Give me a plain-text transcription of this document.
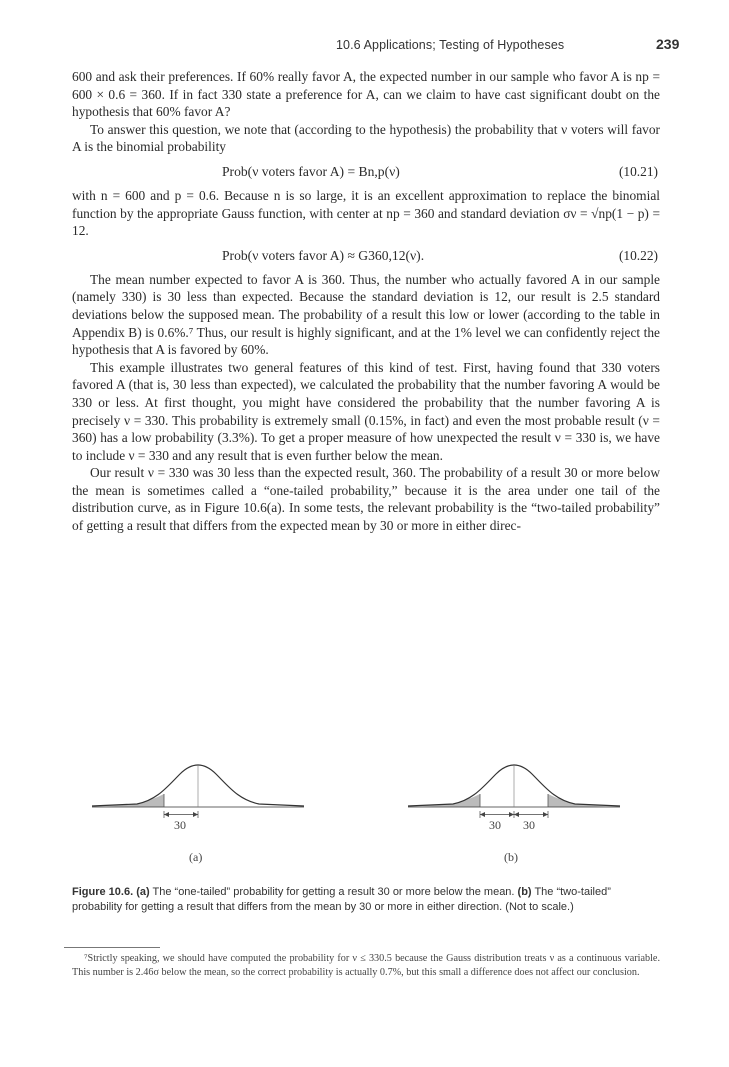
10.6 Applications; Testing of Hypotheses	239

600 and ask their preferences. If 60% really favor A, the expected number in our sample who favor A is np = 600 × 0.6 = 360. If in fact 330 state a preference for A, can we claim to have cast significant doubt on the hypothesis that 60% favor A?

To answer this question, we note that (according to the hypothesis) the probability that ν voters will favor A is the binomial probability

Prob(ν voters favor A) = Bn,p(ν)	(10.21)

with n = 600 and p = 0.6. Because n is so large, it is an excellent approximation to replace the binomial function by the appropriate Gauss function, with center at np = 360 and standard deviation σν = √np(1 − p) = 12.

Prob(ν voters favor A) ≈ G360,12(ν).	(10.22)

The mean number expected to favor A is 360. Thus, the number who actually favored A in our sample (namely 330) is 30 less than expected. Because the standard deviation is 12, our result is 2.5 standard deviations below the supposed mean. The probability of a result this low or lower (according to the table in Appendix B) is 0.6%.⁷ Thus, our result is highly significant, and at the 1% level we can confidently reject the hypothesis that A is favored by 60%.

This example illustrates two general features of this kind of test. First, having found that 330 voters favored A (that is, 30 less than expected), we calculated the probability that the number favoring A would be 330 or less. At first thought, you might have considered the probability that the number favoring A is precisely ν = 330. This probability is extremely small (0.15%, in fact) and even the most probable result (ν = 360) has a low probability (3.3%). To get a proper measure of how unexpected the result ν = 330 is, we have to include ν = 330 and any result that is even further below the mean.

Our result ν = 330 was 30 less than the expected result, 360. The probability of a result 30 or more below the mean is sometimes called a “one-tailed probability,” because it is the area under one tail of the distribution curve, as in Figure 10.6(a). In some tests, the relevant probability is the “two-tailed probability” of getting a result that differs from the expected mean by 30 or more in either direc-

30	30 30
(a)	(b)
Figure 10.6. (a) The “one-tailed” probability for getting a result 30 or more below the mean. (b) The “two-tailed” probability for getting a result that differs from the mean by 30 or more in either direction. (Not to scale.)

⁷Strictly speaking, we should have computed the probability for ν ≤ 330.5 because the Gauss distribution treats ν as a continuous variable. This number is 2.46σ below the mean, so the correct probability is actually 0.7%, but this small a difference does not affect our conclusion.
